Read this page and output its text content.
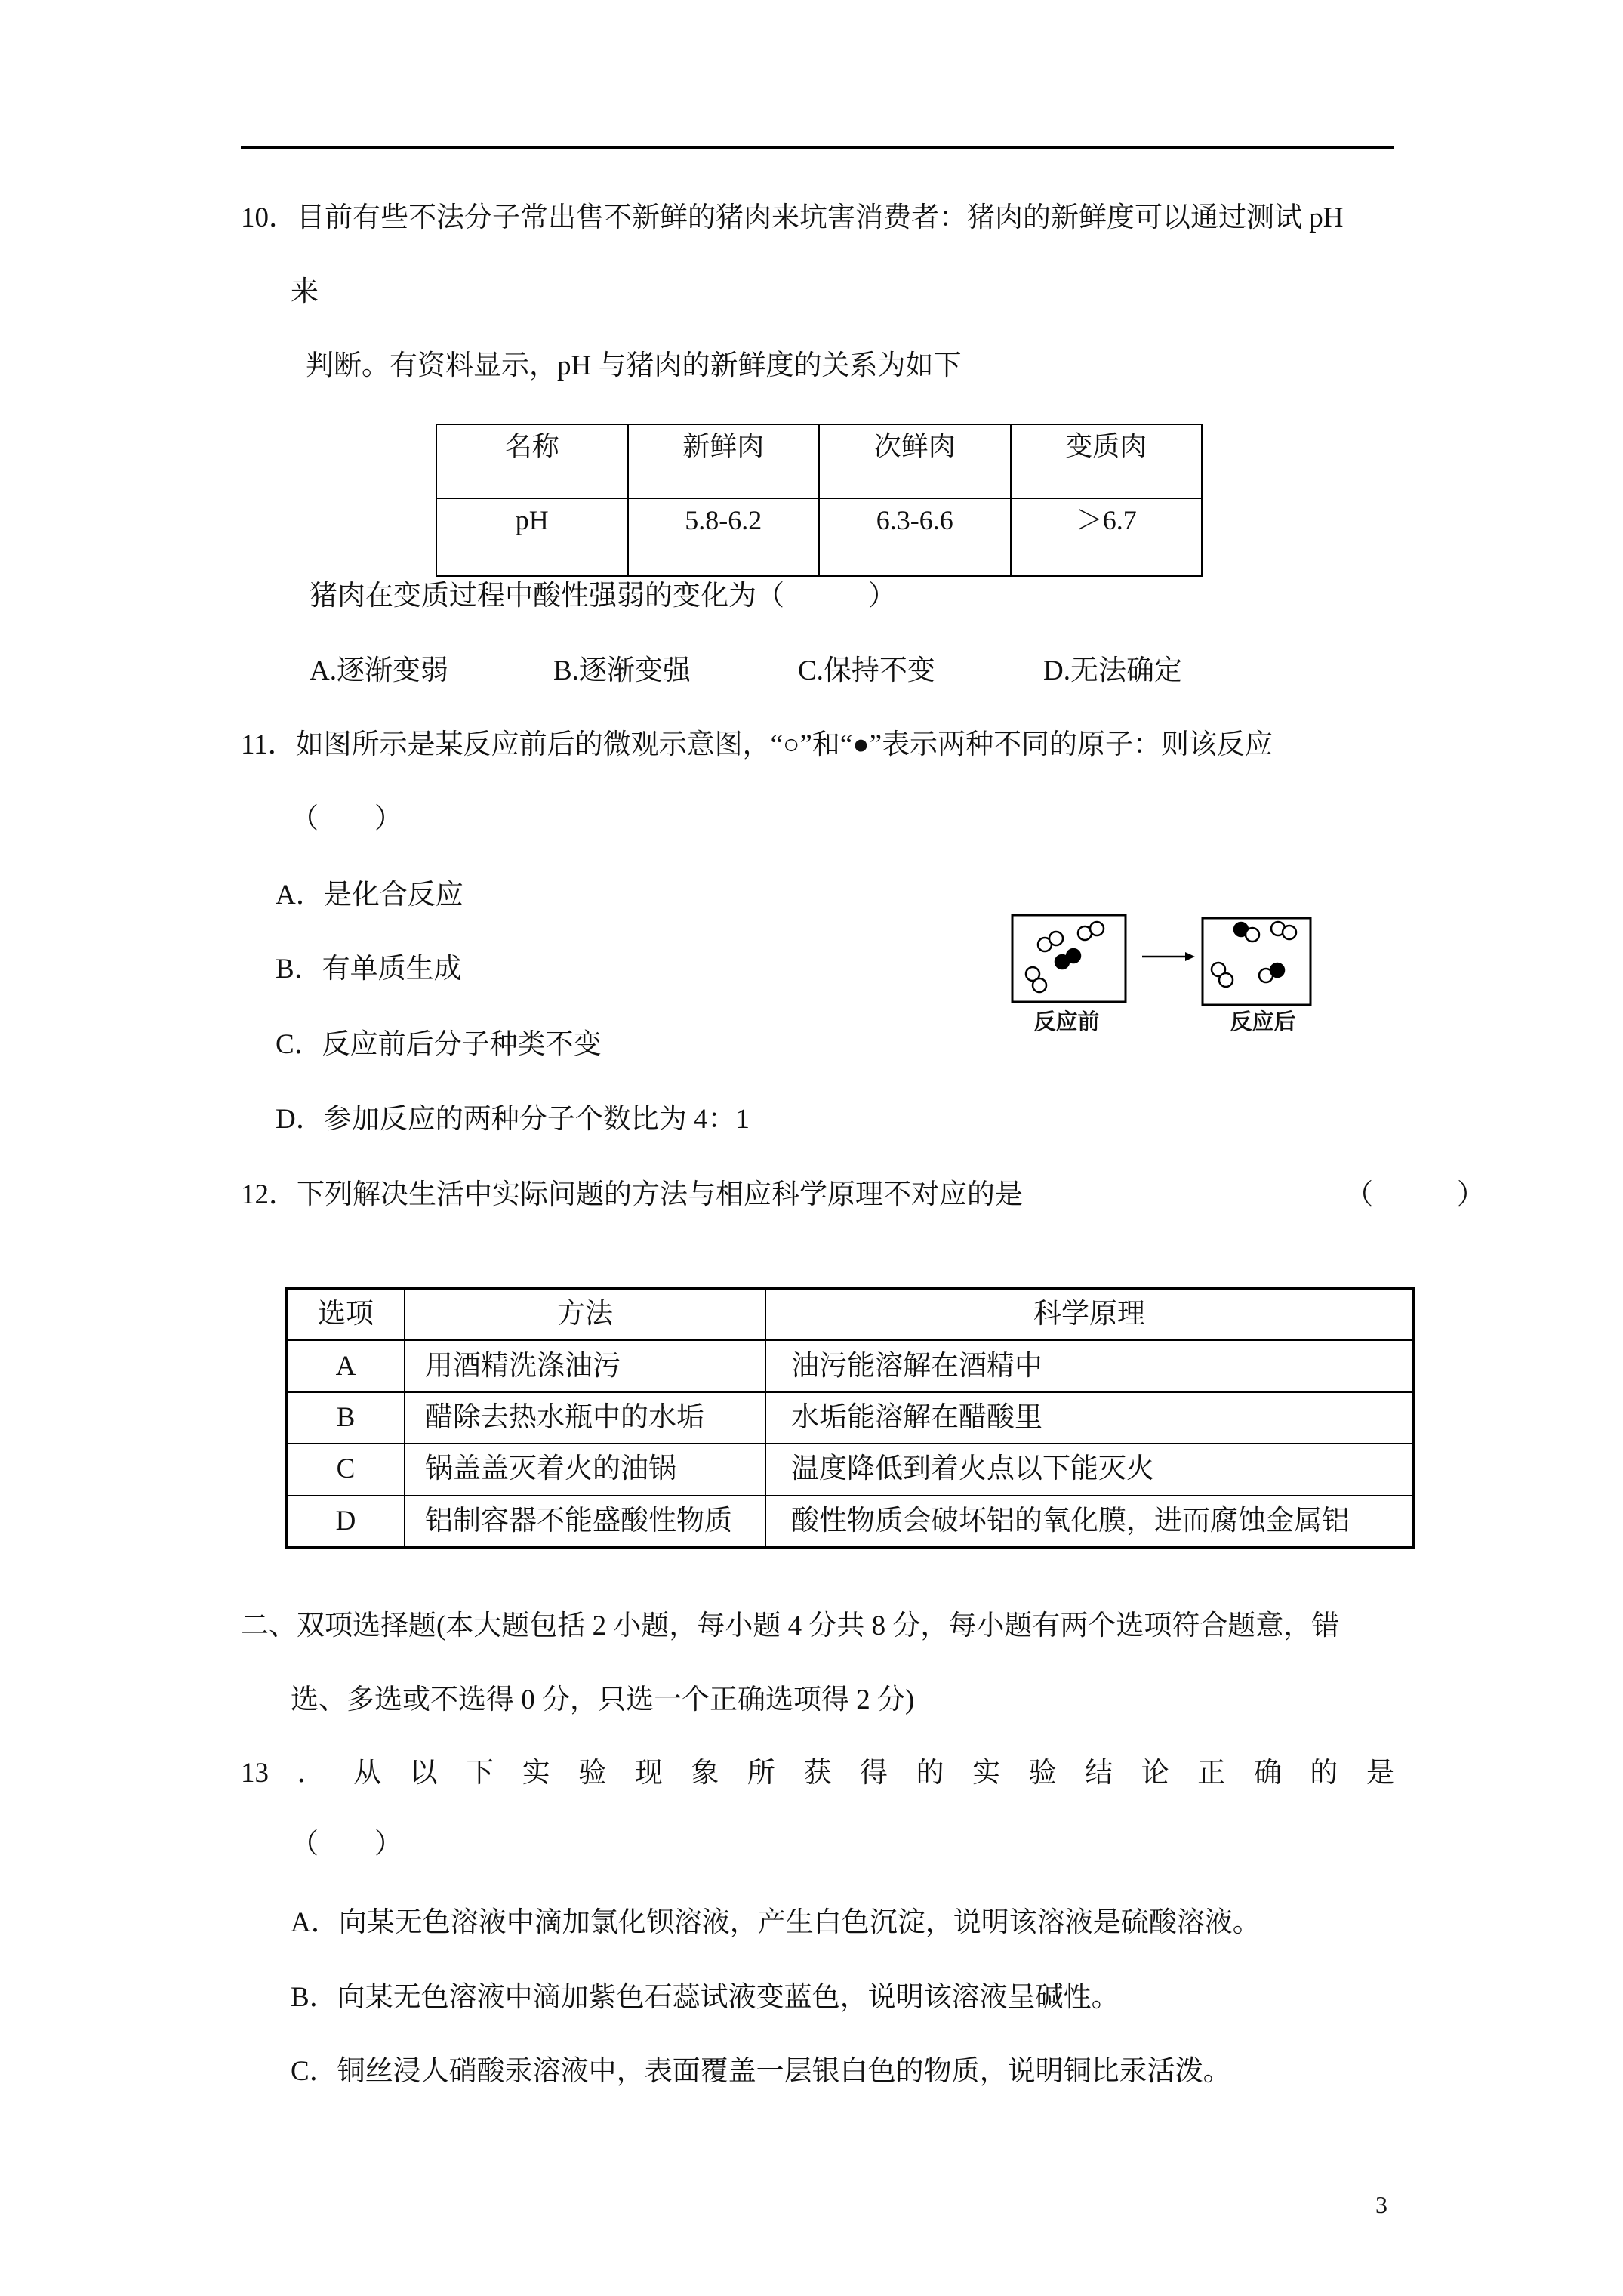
10．目前有些不法分子常出售不新鲜的猪肉来坑害消费者：猪肉的新鲜度可以通过测试 pH
来
判断。有资料显示，pH 与猪肉的新鲜度的关系为如下
名称	新鲜肉	次鲜肉	变质肉
pH	5.8-6.2	6.3-6.6	＞6.7
猪肉在变质过程中酸性强弱的变化为（　　　）
A.逐渐变弱	B.逐渐变强	C.保持不变	D.无法确定
11．如图所示是某反应前后的微观示意图，“○”和“●”表示两种不同的原子：则该反应
（　　）
A．是化合反应
B．有单质生成
C．反应前后分子种类不变
D．参加反应的两种分子个数比为 4：1
反应前	反应后
12．下列解决生活中实际问题的方法与相应科学原理不对应的是	（　　　）
选项	方法	科学原理
A	用酒精洗涤油污	油污能溶解在酒精中
B	醋除去热水瓶中的水垢	水垢能溶解在醋酸里
C	锅盖盖灭着火的油锅	温度降低到着火点以下能灭火
D	铝制容器不能盛酸性物质	酸性物质会破坏铝的氧化膜，进而腐蚀金属铝
二、双项选择题(本大题包括 2 小题，每小题 4 分共 8 分，每小题有两个选项符合题意，错
选、多选或不选得 0 分，只选一个正确选项得 2 分)
13 ． 从 以 下 实 验 现 象 所 获 得 的 实 验 结 论 正 确 的 是
（　　）
A．向某无色溶液中滴加氯化钡溶液，产生白色沉淀，说明该溶液是硫酸溶液。
B．向某无色溶液中滴加紫色石蕊试液变蓝色，说明该溶液呈碱性。
C．铜丝浸人硝酸汞溶液中，表面覆盖一层银白色的物质，说明铜比汞活泼。
3
